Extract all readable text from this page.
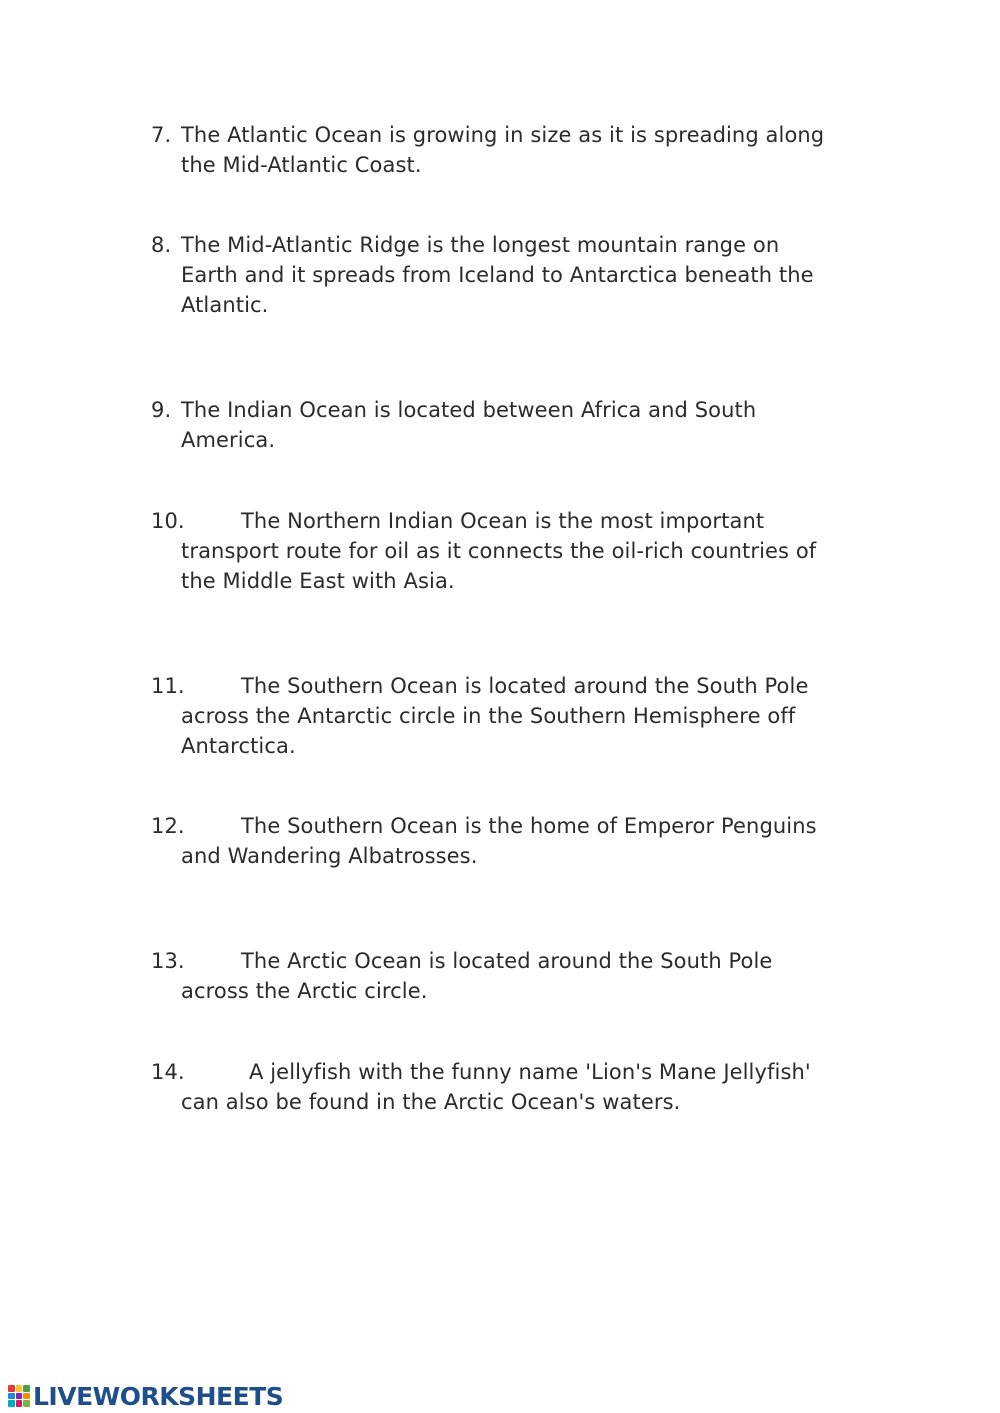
7. The Atlantic Ocean is growing in size as it is spreading along
the Mid-Atlantic Coast.
8. The Mid-Atlantic Ridge is the longest mountain range on
Earth and it spreads from Iceland to Antarctica beneath the
Atlantic.
9. The Indian Ocean is located between Africa and South
America.
10.	The Northern Indian Ocean is the most important
transport route for oil as it connects the oil-rich countries of
the Middle East with Asia.
11.	The Southern Ocean is located around the South Pole
across the Antarctic circle in the Southern Hemisphere off
Antarctica.
12.	The Southern Ocean is the home of Emperor Penguins
and Wandering Albatrosses.
13.	The Arctic Ocean is located around the South Pole
across the Arctic circle.
14.	A jellyfish with the funny name 'Lion's Mane Jellyfish'
can also be found in the Arctic Ocean's waters.
LIVEWORKSHEETS
